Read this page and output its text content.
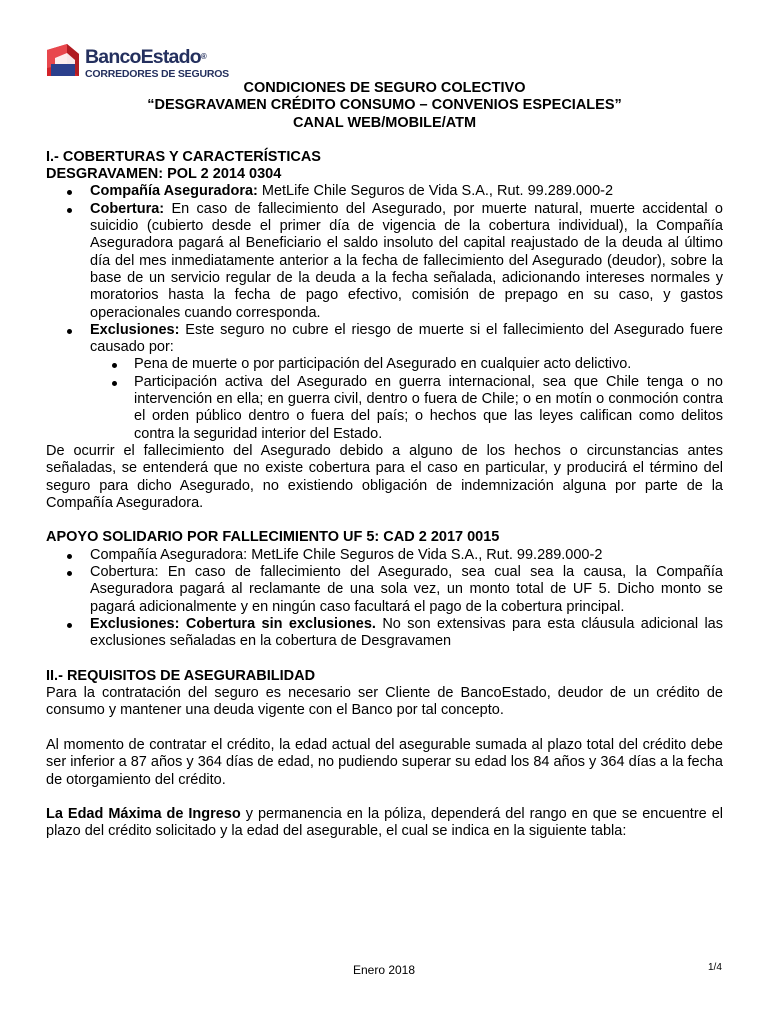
BancoEstado®
CORREDORES DE SEGUROS
CONDICIONES DE SEGURO COLECTIVO
“DESGRAVAMEN CRÉDITO CONSUMO – CONVENIOS ESPECIALES”
CANAL WEB/MOBILE/ATM
I.- COBERTURAS Y CARACTERÍSTICAS
DESGRAVAMEN: POL 2 2014 0304
Compañía Aseguradora: MetLife Chile Seguros de Vida S.A., Rut. 99.289.000-2
Cobertura: En caso de fallecimiento del Asegurado, por muerte natural, muerte accidental o suicidio (cubierto desde el primer día de vigencia de la cobertura individual), la Compañía Aseguradora pagará al Beneficiario el saldo insoluto del capital reajustado de la deuda al último día del mes inmediatamente anterior a la fecha de fallecimiento del Asegurado (deudor), sobre la base de un servicio regular de la deuda a la fecha señalada, adicionando intereses normales y moratorios hasta la fecha de pago efectivo, comisión de prepago en su caso, y gastos operacionales cuando corresponda.
Exclusiones: Este seguro no cubre el riesgo de muerte si el fallecimiento del Asegurado fuere causado por:
Pena de muerte o por participación del Asegurado en cualquier acto delictivo.
Participación activa del Asegurado en guerra internacional, sea que Chile tenga o no intervención en ella; en guerra civil, dentro o fuera de Chile; o en motín o conmoción contra el orden público dentro o fuera del país; o hechos que las leyes califican como delitos contra la seguridad interior del Estado.
De ocurrir el fallecimiento del Asegurado debido a alguno de los hechos o circunstancias antes señaladas, se entenderá que no existe cobertura para el caso en particular, y producirá el término del seguro para dicho Asegurado, no existiendo obligación de indemnización alguna por parte de la Compañía Aseguradora.
APOYO SOLIDARIO POR FALLECIMIENTO UF 5: CAD 2 2017 0015
Compañía Aseguradora: MetLife Chile Seguros de Vida S.A., Rut. 99.289.000-2
Cobertura: En caso de fallecimiento del Asegurado, sea cual sea la causa, la Compañía Aseguradora pagará al reclamante de una sola vez, un monto total de UF 5. Dicho monto se pagará adicionalmente y en ningún caso facultará el pago de la cobertura principal.
Exclusiones: Cobertura sin exclusiones. No son extensivas para esta cláusula adicional las exclusiones señaladas en la cobertura de Desgravamen
II.- REQUISITOS DE ASEGURABILIDAD
Para la contratación del seguro es necesario ser Cliente de BancoEstado, deudor de un crédito de consumo y mantener una deuda vigente con el Banco por tal concepto.
Al momento de contratar el crédito, la edad actual del asegurable sumada al plazo total del crédito debe ser inferior a 87 años y 364 días de edad, no pudiendo superar su edad los 84 años y 364 días a la fecha de otorgamiento del crédito.
La Edad Máxima de Ingreso y permanencia en la póliza, dependerá del rango en que se encuentre el plazo del crédito solicitado y la edad del asegurable, el cual se indica en la siguiente tabla:
Enero 2018	1/4
